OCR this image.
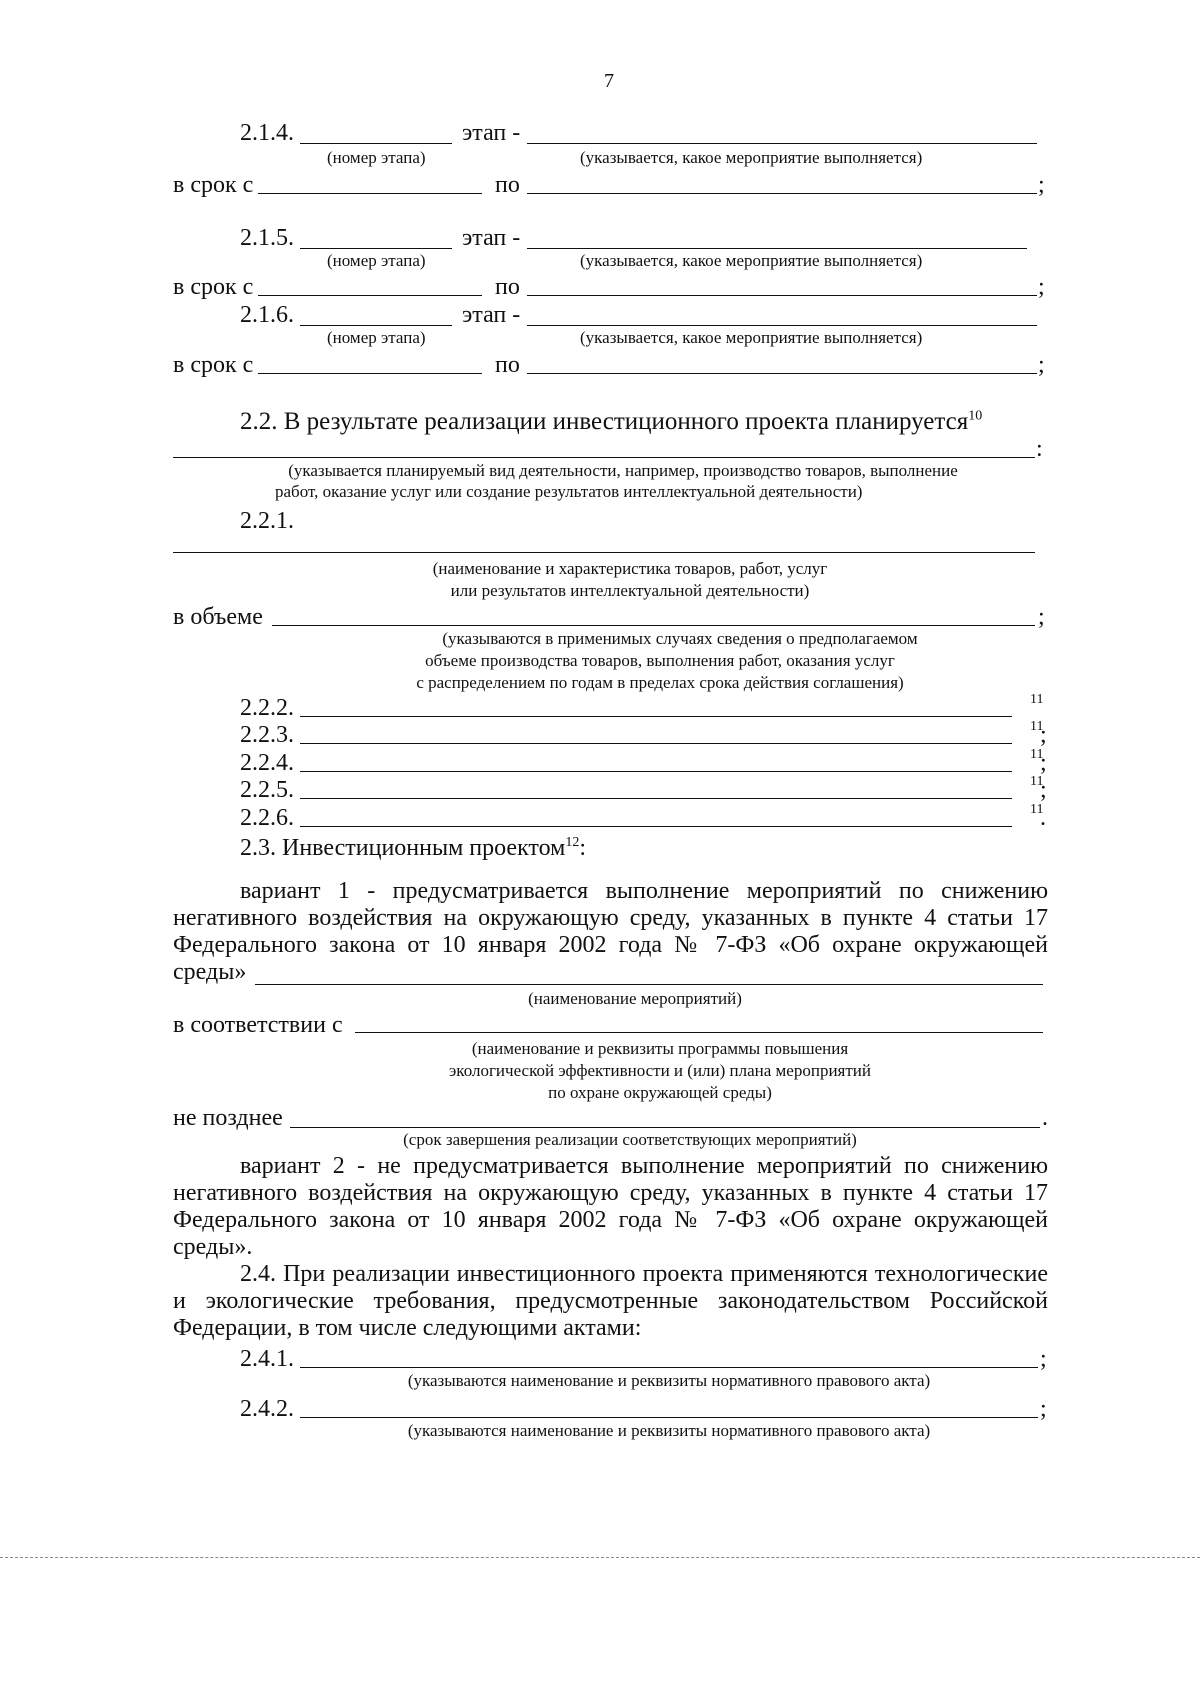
7
2.1.4.	этап -
(номер этапа)	(указывается, какое мероприятие выполняется)
в срок с	по	;
2.1.5.	этап -
(номер этапа)	(указывается, какое мероприятие выполняется)
в срок с	по	;
2.1.6.	этап -
(номер этапа)	(указывается, какое мероприятие выполняется)
в срок с	по	;
2.2. В результате реализации инвестиционного проекта планируется$^{10}$
:
(указывается планируемый вид деятельности, например, производство товаров, выполнение
работ, оказание услуг или создание результатов интеллектуальной деятельности)
2.2.1.
(наименование и характеристика товаров, работ, услуг
или результатов интеллектуальной деятельности)
в объеме	;
(указываются в применимых случаях сведения о предполагаемом
объеме производства товаров, выполнения работ, оказания услуг
с распределением по годам в пределах срока действия соглашения)
2.2.2.	11
2.2.3.	11
;
2.2.4.	11
;
2.2.5.	11
;
2.2.6.	11
.
2.3. Инвестиционным проектом$^{12}$:
вариант 1 - предусматривается выполнение мероприятий по снижению
негативного воздействия на окружающую среду, указанных в пункте 4 статьи 17
Федерального закона от 10 января 2002 года № 7-ФЗ «Об охране окружающей
среды»
(наименование мероприятий)
в соответствии с
(наименование и реквизиты программы повышения
экологической эффективности и (или) плана мероприятий
по охране окружающей среды)
не позднее	.
(срок завершения реализации соответствующих мероприятий)
вариант 2 - не предусматривается выполнение мероприятий по снижению
негативного воздействия на окружающую среду, указанных в пункте 4 статьи 17
Федерального закона от 10 января 2002 года № 7-ФЗ «Об охране окружающей
среды».
2.4. При реализации инвестиционного проекта применяются технологические
и экологические требования, предусмотренные законодательством Российской
Федерации, в том числе следующими актами:
2.4.1.	;
(указываются наименование и реквизиты нормативного правового акта)
2.4.2.	;
(указываются наименование и реквизиты нормативного правового акта)
